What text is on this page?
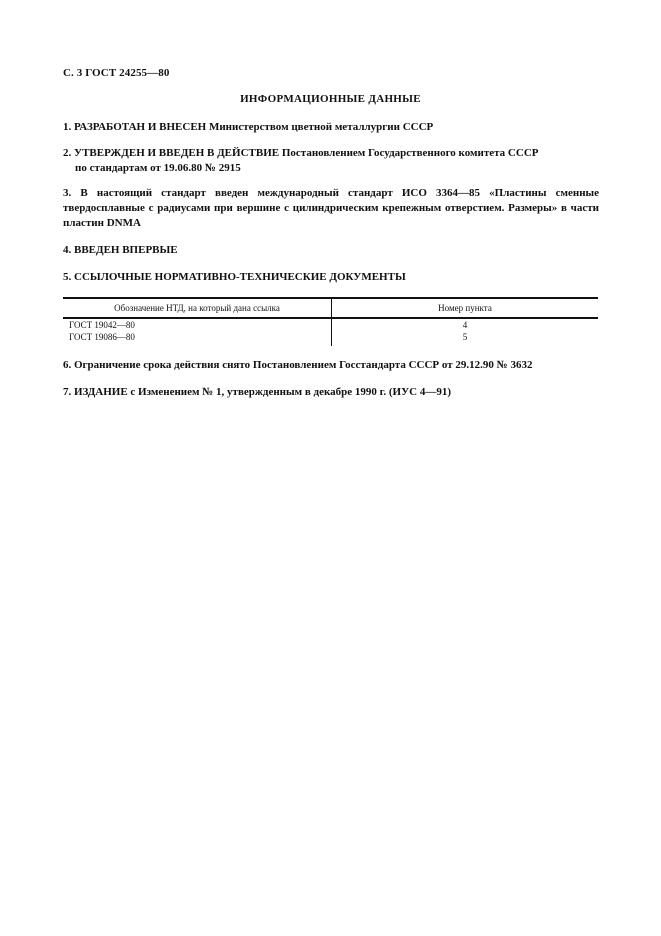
С. 3 ГОСТ 24255—80
ИНФОРМАЦИОННЫЕ ДАННЫЕ
1. РАЗРАБОТАН И ВНЕСЕН Министерством цветной металлургии СССР
2. УТВЕРЖДЕН И ВВЕДЕН В ДЕЙСТВИЕ Постановлением Государственного комитета СССР
по стандартам от 19.06.80 № 2915
3. В настоящий стандарт введен международный стандарт ИСО 3364—85 «Пластины сменные твердосплавные с радиусами при вершине с цилиндрическим крепежным отверстием. Размеры» в части пластин DNMA
4. ВВЕДЕН ВПЕРВЫЕ
5. ССЫЛОЧНЫЕ НОРМАТИВНО-ТЕХНИЧЕСКИЕ ДОКУМЕНТЫ
Обозначение НТД, на который дана ссылка	Номер пункта
ГОСТ 19042—80	4
ГОСТ 19086—80	5
6. Ограничение срока действия снято Постановлением Госстандарта СССР от 29.12.90 № 3632
7. ИЗДАНИЕ с Изменением № 1, утвержденным в декабре 1990 г. (ИУС 4—91)
